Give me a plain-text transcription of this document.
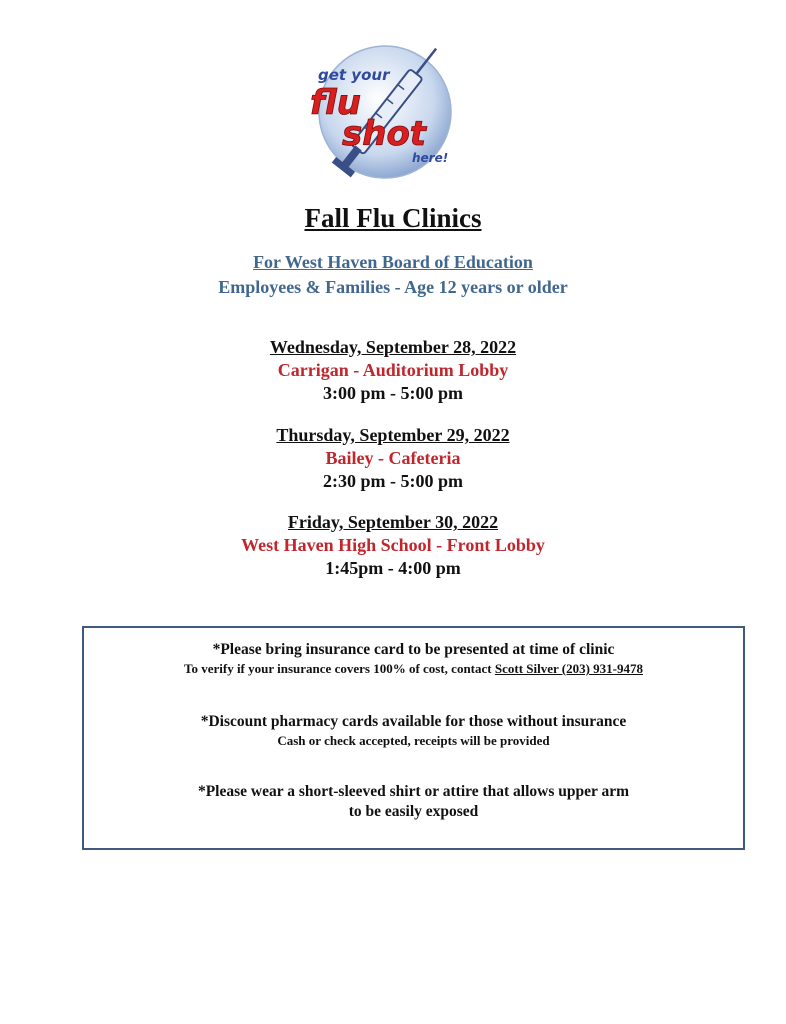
get your
flu
shot
here!
Fall Flu Clinics
For West Haven Board of Education
Employees & Families - Age 12 years or older
Wednesday, September 28, 2022
Carrigan - Auditorium Lobby
3:00 pm - 5:00 pm
Thursday, September 29, 2022
Bailey - Cafeteria
2:30 pm - 5:00 pm
Friday, September 30, 2022
West Haven High School - Front Lobby
1:45pm - 4:00 pm
*Please bring insurance card to be presented at time of clinic
To verify if your insurance covers 100% of cost, contact Scott Silver (203) 931-9478
*Discount pharmacy cards available for those without insurance
Cash or check accepted, receipts will be provided
*Please wear a short-sleeved shirt or attire that allows upper arm
to be easily exposed
